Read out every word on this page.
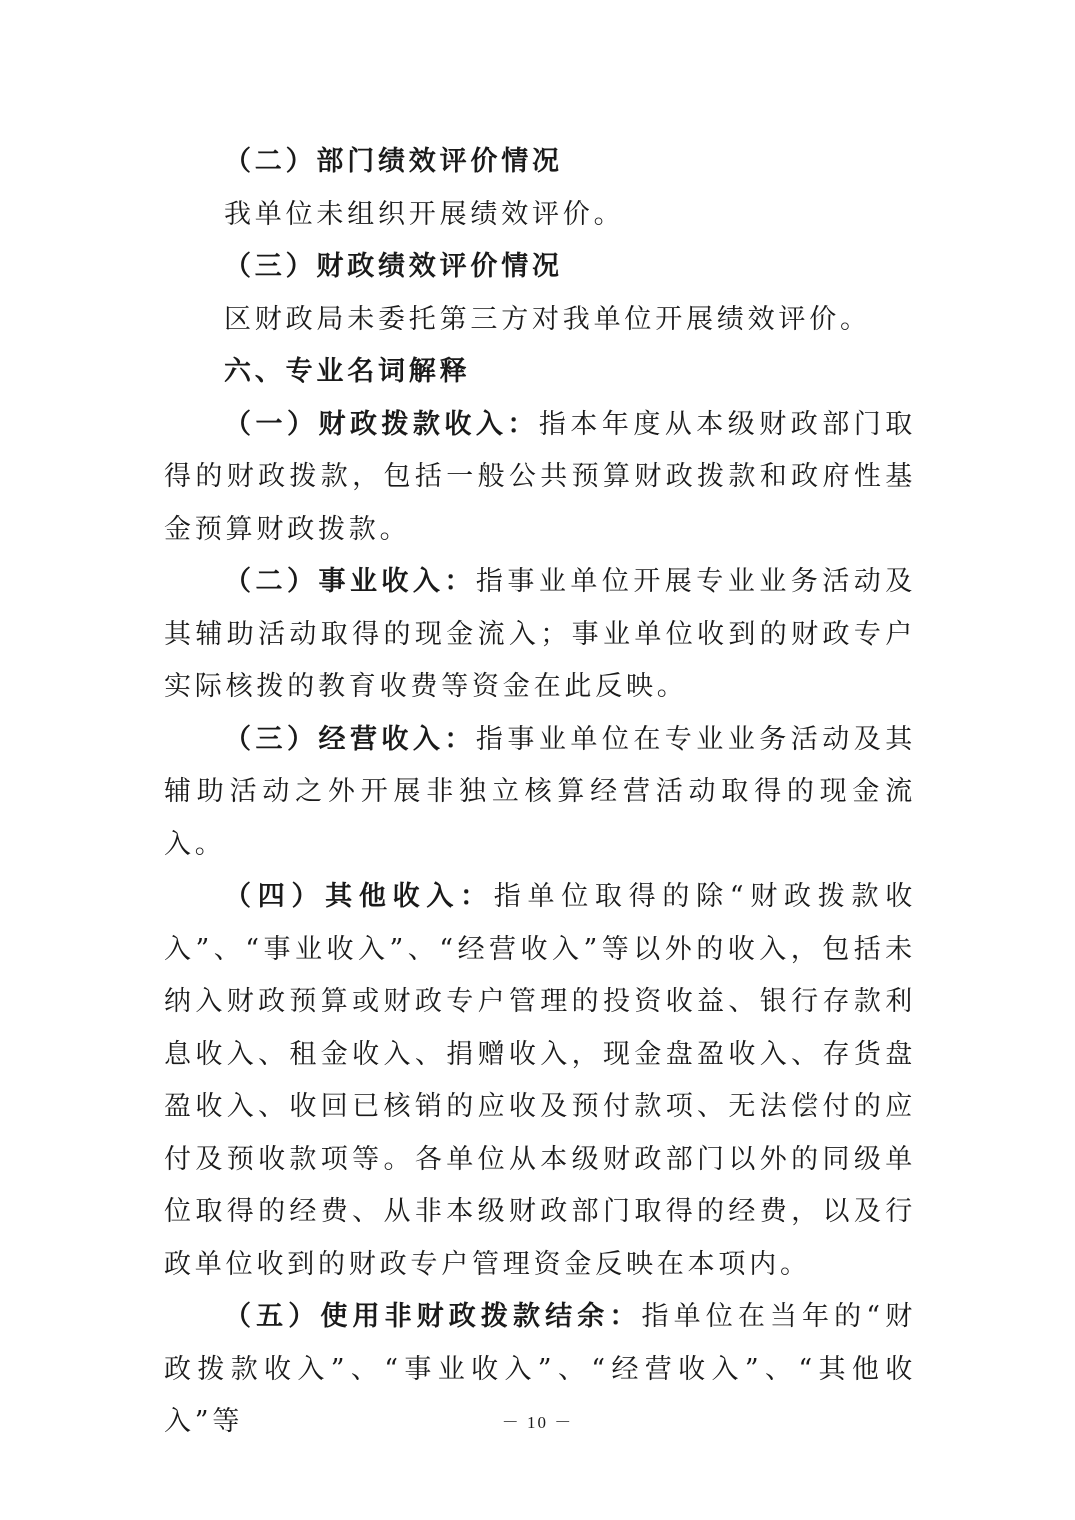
（二）部门绩效评价情况

我单位未组织开展绩效评价。

（三）财政绩效评价情况

区财政局未委托第三方对我单位开展绩效评价。

六、专业名词解释

（一）财政拨款收入：指本年度从本级财政部门取得的财政拨款，包括一般公共预算财政拨款和政府性基金预算财政拨款。

（二）事业收入：指事业单位开展专业业务活动及其辅助活动取得的现金流入；事业单位收到的财政专户实际核拨的教育收费等资金在此反映。

（三）经营收入：指事业单位在专业业务活动及其辅助活动之外开展非独立核算经营活动取得的现金流入。

（四）其他收入：指单位取得的除“财政拨款收入”、“事业收入”、“经营收入”等以外的收入，包括未纳入财政预算或财政专户管理的投资收益、银行存款利息收入、租金收入、捐赠收入，现金盘盈收入、存货盘盈收入、收回已核销的应收及预付款项、无法偿付的应付及预收款项等。各单位从本级财政部门以外的同级单位取得的经费、从非本级财政部门取得的经费，以及行政单位收到的财政专户管理资金反映在本项内。

（五）使用非财政拨款结余：指单位在当年的“财政拨款收入”、“事业收入”、“经营收入”、“其他收入”等	－ 10 －
